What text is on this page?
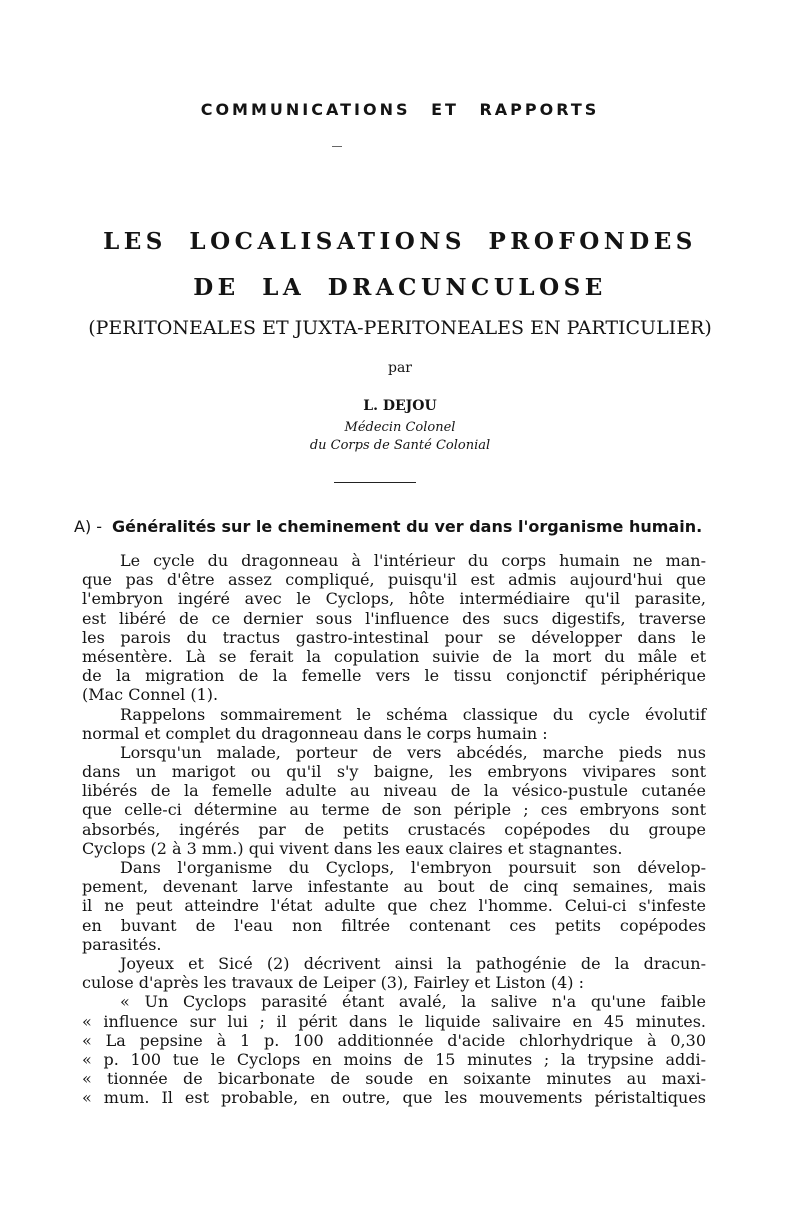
COMMUNICATIONS ET RAPPORTS
LES LOCALISATIONS PROFONDES
DE LA DRACUNCULOSE
(PERITONEALES ET JUXTA-PERITONEALES EN PARTICULIER)
par
L. DEJOU
Médecin Colonel
du Corps de Santé Colonial
A) - Généralités sur le cheminement du ver dans l'organisme humain.
Le cycle du dragonneau à l'intérieur du corps humain ne man-
que pas d'être assez compliqué, puisqu'il est admis aujourd'hui que
l'embryon ingéré avec le Cyclops, hôte intermédiaire qu'il parasite,
est libéré de ce dernier sous l'influence des sucs digestifs, traverse
les parois du tractus gastro-intestinal pour se développer dans le
mésentère. Là se ferait la copulation suivie de la mort du mâle et
de la migration de la femelle vers le tissu conjonctif périphérique
(Mac Connel (1).
Rappelons sommairement le schéma classique du cycle évolutif
normal et complet du dragonneau dans le corps humain :
Lorsqu'un malade, porteur de vers abcédés, marche pieds nus
dans un marigot ou qu'il s'y baigne, les embryons vivipares sont
libérés de la femelle adulte au niveau de la vésico-pustule cutanée
que celle-ci détermine au terme de son périple ; ces embryons sont
absorbés, ingérés par de petits crustacés copépodes du groupe
Cyclops (2 à 3 mm.) qui vivent dans les eaux claires et stagnantes.
Dans l'organisme du Cyclops, l'embryon poursuit son dévelop-
pement, devenant larve infestante au bout de cinq semaines, mais
il ne peut atteindre l'état adulte que chez l'homme. Celui-ci s'infeste
en buvant de l'eau non filtrée contenant ces petits copépodes
parasités.
Joyeux et Sicé (2) décrivent ainsi la pathogénie de la dracun-
culose d'après les travaux de Leiper (3), Fairley et Liston (4) :
« Un Cyclops parasité étant avalé, la salive n'a qu'une faible
« influence sur lui ; il périt dans le liquide salivaire en 45 minutes.
« La pepsine à 1 p. 100 additionnée d'acide chlorhydrique à 0,30
« p. 100 tue le Cyclops en moins de 15 minutes ; la trypsine addi-
« tionnée de bicarbonate de soude en soixante minutes au maxi-
« mum. Il est probable, en outre, que les mouvements péristaltiques
